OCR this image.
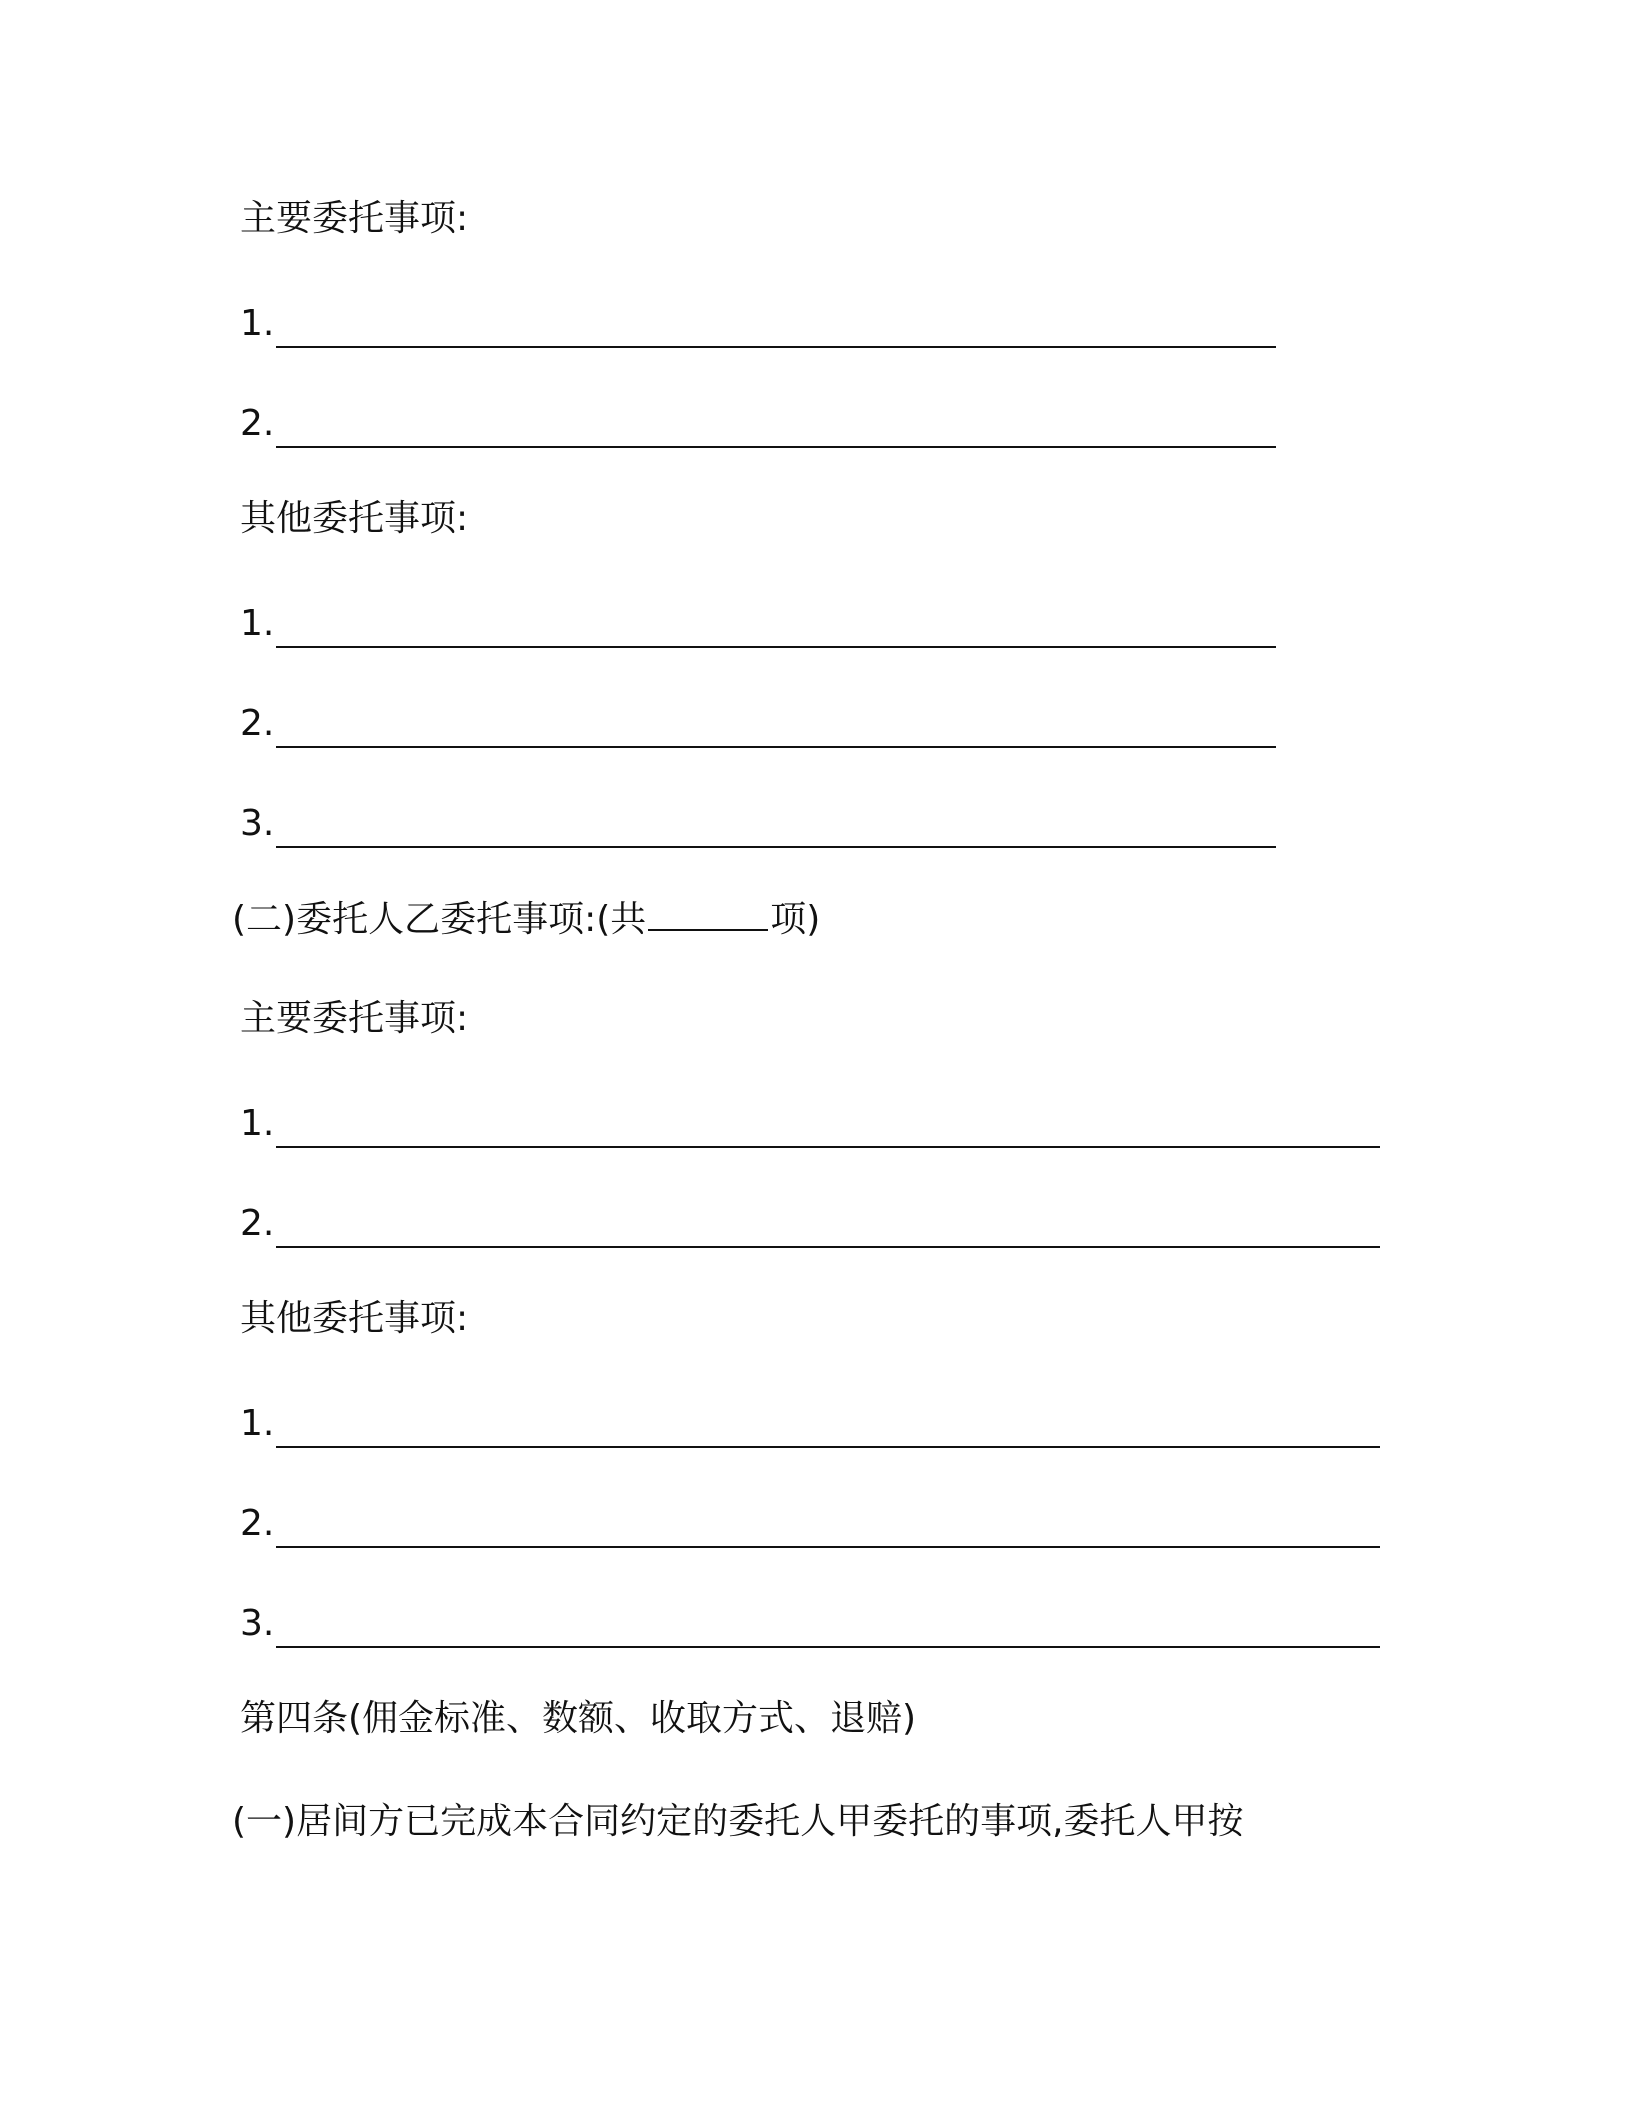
主要委托事项:
1.
2.
其他委托事项:
1.
2.
3.
(二)委托人乙委托事项:(共	项)
主要委托事项:
1.
2.
其他委托事项:
1.
2.
3.
第四条(佣金标准、数额、收取方式、退赔)
(一)居间方已完成本合同约定的委托人甲委托的事项,委托人甲按
